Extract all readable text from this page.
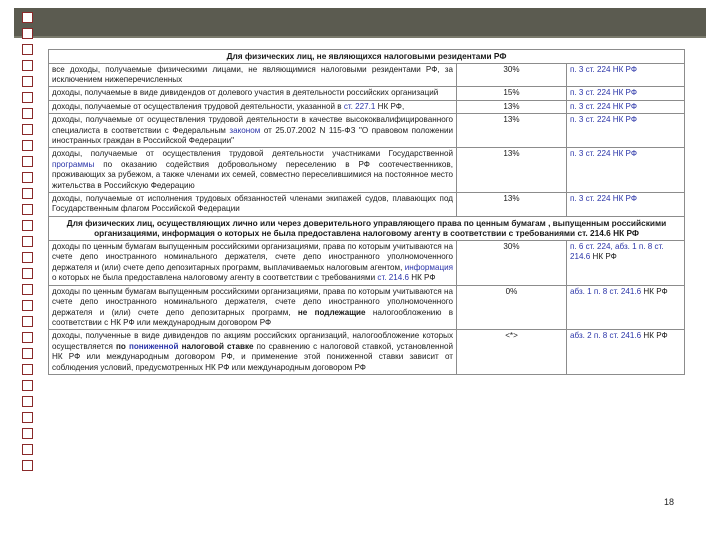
Для физических лиц, не являющихся налоговыми резидентами РФ		
все доходы, получаемые физическими лицами, не являющимися налоговыми резидентами РФ, за исключением нижеперечисленных	30%	п. 3 ст. 224 НК РФ
доходы, получаемые в виде дивидендов от долевого участия в деятельности российских организаций	15%	п. 3 ст. 224 НК РФ
доходы, получаемые от осуществления трудовой деятельности, указанной в ст. 227.1 НК РФ,	13%	п. 3 ст. 224 НК РФ
доходы, получаемые от осуществления трудовой деятельности в качестве высококвалифицированного специалиста в соответствии с Федеральным законом от 25.07.2002 N 115-ФЗ "О правовом положении иностранных граждан в Российской Федерации"	13%	п. 3 ст. 224 НК РФ
доходы, получаемые от осуществления трудовой деятельности участниками Государственной программы по оказанию содействия добровольному переселению в РФ соотечественников, проживающих за рубежом, а также членами их семей, совместно переселившимися на постоянное место жительства в Российскую Федерацию	13%	п. 3 ст. 224 НК РФ
доходы, получаемые от исполнения трудовых обязанностей членами экипажей судов, плавающих под Государственным флагом Российской Федерации	13%	п. 3 ст. 224 НК РФ
Для физических лиц, осуществляющих лично или через доверительного управляющего права по ценным бумагам , выпущенным российскими организациями, информация о которых не была предоставлена налоговому агенту в соответствии с требованиями ст. 214.6 НК РФ		
доходы по ценным бумагам выпущенным российскими организациями, права по которым учитываются на счете депо иностранного номинального держателя, счете депо иностранного уполномоченного держателя и (или) счете депо депозитарных программ, выплачиваемых налоговым агентом, информация о которых не была предоставлена налоговому агенту в соответствии с требованиями ст. 214.6 НК РФ	30%	п. 6 ст. 224, абз. 1 п. 8 ст. 214.6 НК РФ
доходы по ценным бумагам выпущенным российскими организациями, права по которым учитываются на счете депо иностранного номинального держателя, счете депо иностранного уполномоченного держателя и (или) счете депо депозитарных программ, не подлежащие налогообложению в соответствии с НК РФ или международным договором РФ	0%	абз. 1 п. 8 ст. 241.6 НК РФ
доходы, полученные в виде дивидендов по акциям российских организаций, налогообложение которых осуществляется по пониженной налоговой ставке по сравнению с налоговой ставкой, установленной НК РФ или международным договором РФ, и применение этой пониженной ставки зависит от соблюдения условий, предусмотренных НК РФ или международным договором РФ	<*>	абз. 2 п. 8 ст. 241.6 НК РФ
18
